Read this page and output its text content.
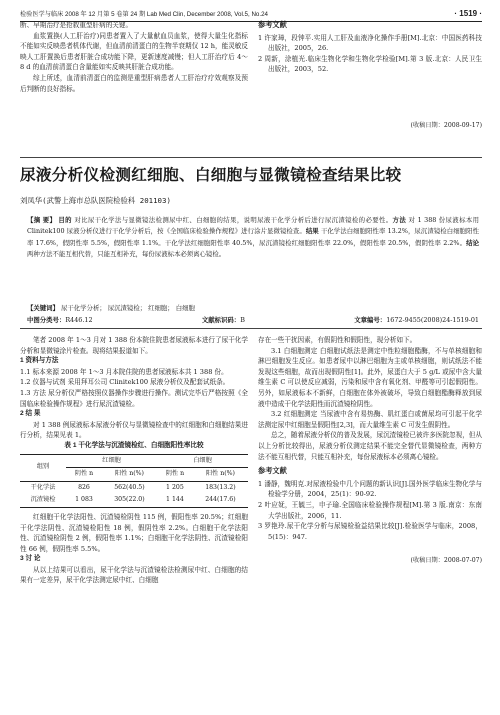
检验医学与临床 2008 年 12 月第 5 卷第 24 期 Lab Med Clin, December 2008, Vol.5, No.24	· 1519 ·

断、早期治疗是抢救重型肝病的关键。

血浆置换(人工肝治疗)同患者置入了大量献血员血浆，使得大量生化指标不能如实反映患者机体代谢，但血清前清蛋白的生物半衰期仅 12 h，能灵敏反映人工肝置换后患者肝脏合成功能下降，更新速度减慢；但人工肝治疗后 4～8 d 的血清前清蛋白含量能如实反映其肝脏合成功能。

综上所述，血清前清蛋白的监测是重型肝病患者人工肝治疗疗效观察及预后判断的良好指标。

参考文献
1 许家璋，段钟平.实用人工肝及血液净化操作手册[M].北京：中国医药科技出版社，2005，26.
2 周新，涂植光.临床生物化学和生物化学检验[M].第 3 版.北京：人民卫生出版社，2003，52.
(收稿日期：2008-09-17)
尿液分析仪检测红细胞、白细胞与显微镜检查结果比较
刘凤华(武警上海市总队医院检验科 201103)
【摘 要】 目的 对比尿干化学法与显微镜法检测尿中红、白细胞的结果，说明尿液干化学分析后进行尿沉渣镜检的必要性。方法 对 1 388 份尿液标本用 Clinitek100 尿液分析仪进行干化学分析后，按《全国临床检验操作规程》进行涂片显微镜检查。结果 干化学法白细胞阳性率 13.2%，尿沉渣镜检白细胞阳性率 17.6%，假阴性率 5.5%，假阳性率 1.1%。干化学法红细胞阳性率 40.5%，尿沉渣镜检红细胞阳性率 22.0%，假阳性率 20.5%，假阴性率 2.2%。结论 两种方法不能互相代替，只能互相补充，每份尿液标本必须离心镜检。
【关键词】 尿干化学分析； 尿沉渣镜检； 红细胞； 白细胞
中图分类号：R446.12	文献标识码：B	文章编号：1672-9455(2008)24-1519-01

笔者 2008 年 1～3 月对 1 388 份本院住院患者尿液标本进行了尿干化学分析和显微镜涂片检查。现将结果报道如下。

1 资料与方法

1.1 标本来源 2008 年 1～3 月本院住院的患者尿液标本共 1 388 份。

1.2 仪器与试剂 采用拜耳公司 Clinitek100 尿液分析仪及配套试纸条。

1.3 方法 尿分析仪严格按照仪器操作步骤进行操作。测试完毕后严格按照《全国临床检验操作规程》进行尿沉渣镜检。

2 结 果

对 1 388 例尿液标本尿液分析仪与显微镜检查中的红细胞和白细胞结果进行分析，结果见表 1。

表 1 干化学法与沉渣镜检红、白细胞阳性率比较
组别	红细胞		白细胞	
	阴性 n	阳性 n(%)	阴性 n	阳性 n(%)
干化学法	826	562(40.5)	1 205	183(13.2)
沉渣镜检	1 083	305(22.0)	1 144	244(17.6)

红细胞干化学法阳性、沉渣镜检阴性 115 例，假阳性率 20.5%；红细胞干化学法阴性、沉渣镜检阳性 18 例，假阴性率 2.2%。白细胞干化学法阳性、沉渣镜检阴性 2 例，假阳性率 1.1%；白细胞干化学法阴性、沉渣镜检阳性 66 例，假阴性率 5.5%。

3 讨 论

从以上结果可以看出，尿干化学法与沉渣镜检法检测尿中红、白细胞的结果有一定差异，尿干化学法测定尿中红、白细胞

存在一些干扰因素，有假阴性和假阳性，现分析如下。

3.1 白细胞测定 白细胞试纸法是测定中性粒细胞酯酶，不与单核细胞和淋巴细胞发生反应。如患者尿中以淋巴细胞为主或单核细胞，则试纸法不能发现这些细胞，故而出现假阴性[1]。此外，尿蛋白大于 5 g/L 或尿中含大量维生素 C 可以使反应减弱，污染和尿中含有氧化剂、甲醛等可引起假阳性。另外，如尿液标本不新鲜，白细胞在体外被破坏，导致白细胞酯酶释放到尿液中造成干化学法阳性而沉渣镜检阴性。

3.2 红细胞测定 当尿液中含有易热酶、肌红蛋白或菌尿均可引起干化学法测定尿中红细胞呈假阳性[2,3]，而大量维生素 C 可发生假阴性。

总之，随着尿液分析仪的普及发展，尿沉渣镜检已被许多医院忽视，但从以上分析比较得出，尿液分析仪测定结果不能完全替代显微镜检查，两种方法不能互相代替，只能互相补充，每份尿液标本必须离心镜检。

参考文献
1 潘静，魏明克.对尿液检验中几个问题的新认识[J].国外医学临床生物化学与检验学分册，2004，25(1)：90-92.
2 叶应妩，王毓三，申子瑜.全国临床检验操作规程[M].第 3 版.南京：东南大学出版社，2006，11.
3 罗艳玲.尿干化学分析与尿镜检验益结果比较[J].检验医学与临床，2008，5(15)：947.
(收稿日期：2008-07-07)
